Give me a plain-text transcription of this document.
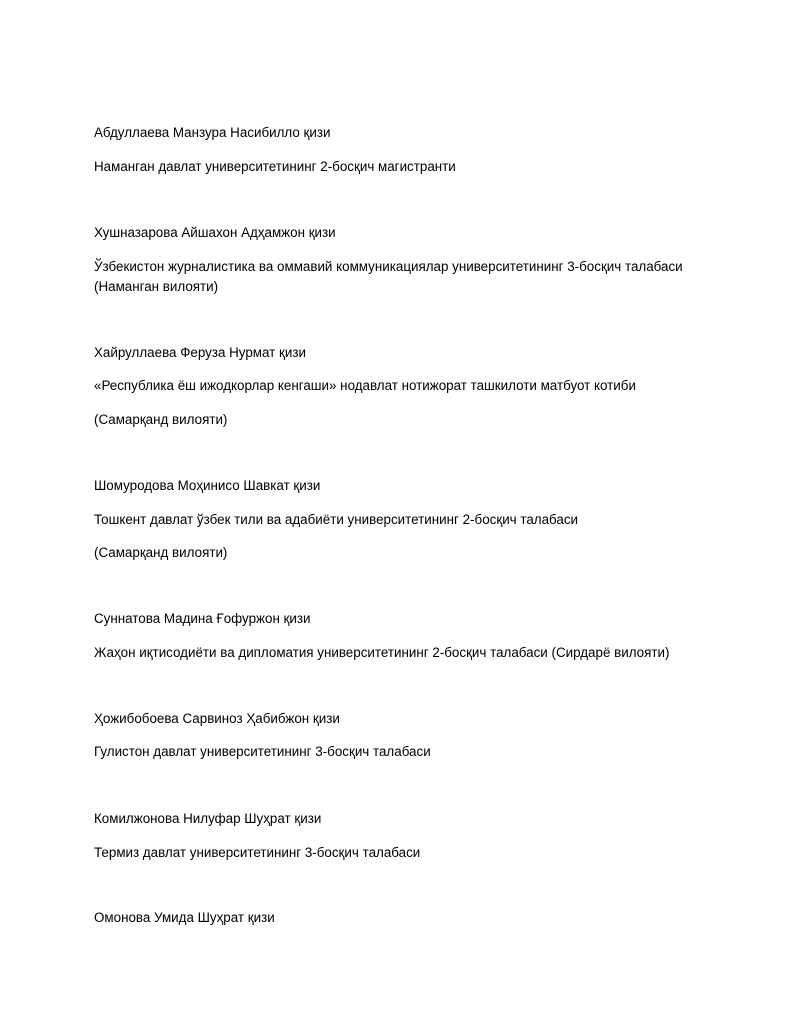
Абдуллаева Манзура Насибилло қизи

Наманган давлат университетининг 2-босқич магистранти

Хушназарова Айшахон Адҳамжон қизи

Ўзбекистон журналистика ва оммавий коммуникациялар университетининг 3-босқич талабаси

(Наманган вилояти)

Хайруллаева Феруза Нурмат қизи

«Республика ёш ижодкорлар кенгаши» нодавлат нотижорат ташкилоти матбуот котиби

(Самарқанд вилояти)

Шомуродова Моҳинисо Шавкат қизи

Тошкент давлат ўзбек тили ва адабиёти университетининг 2-босқич талабаси

(Самарқанд вилояти)

Суннатова Мадина Ғофуржон қизи

Жаҳон иқтисодиёти ва дипломатия университетининг 2-босқич талабаси (Сирдарё вилояти)

Ҳожибобоева Сарвиноз Ҳабибжон қизи

Гулистон давлат университетининг 3-босқич талабаси

Комилжонова Нилуфар Шуҳрат қизи

Термиз давлат университетининг 3-босқич талабаси

Омонова Умида Шуҳрат қизи
